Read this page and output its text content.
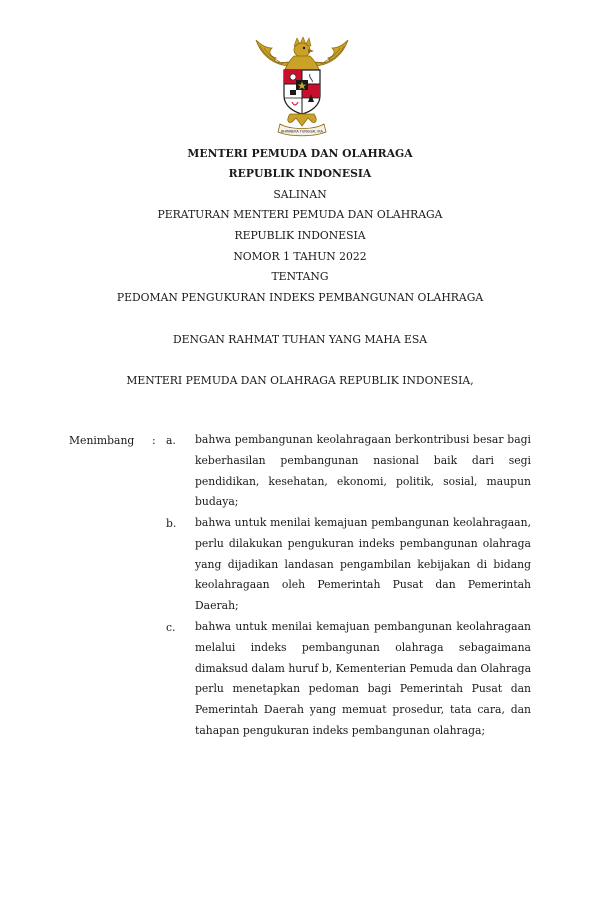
BHINNEKA TUNGGAL IKA
MENTERI PEMUDA DAN OLAHRAGA
REPUBLIK INDONESIA
SALINAN
PERATURAN MENTERI PEMUDA DAN OLAHRAGA
REPUBLIK INDONESIA
NOMOR 1 TAHUN 2022
TENTANG
PEDOMAN PENGUKURAN INDEKS PEMBANGUNAN OLAHRAGA
DENGAN RAHMAT TUHAN YANG MAHA ESA
MENTERI PEMUDA DAN OLAHRAGA REPUBLIK INDONESIA,
Menimbang : a. bahwa pembangunan keolahragaan berkontribusi besar bagi keberhasilan pembangunan nasional baik dari segi pendidikan, kesehatan, ekonomi, politik, sosial, maupun budaya;
b. bahwa untuk menilai kemajuan pembangunan keolahragaan, perlu dilakukan pengukuran indeks pembangunan olahraga yang dijadikan landasan pengambilan kebijakan di bidang keolahragaan oleh Pemerintah Pusat dan Pemerintah Daerah;
c. bahwa untuk menilai kemajuan pembangunan keolahragaan melalui indeks pembangunan olahraga sebagaimana dimaksud dalam huruf b, Kementerian Pemuda dan Olahraga perlu menetapkan pedoman bagi Pemerintah Pusat dan Pemerintah Daerah yang memuat prosedur, tata cara, dan tahapan pengukuran indeks pembangunan olahraga;
